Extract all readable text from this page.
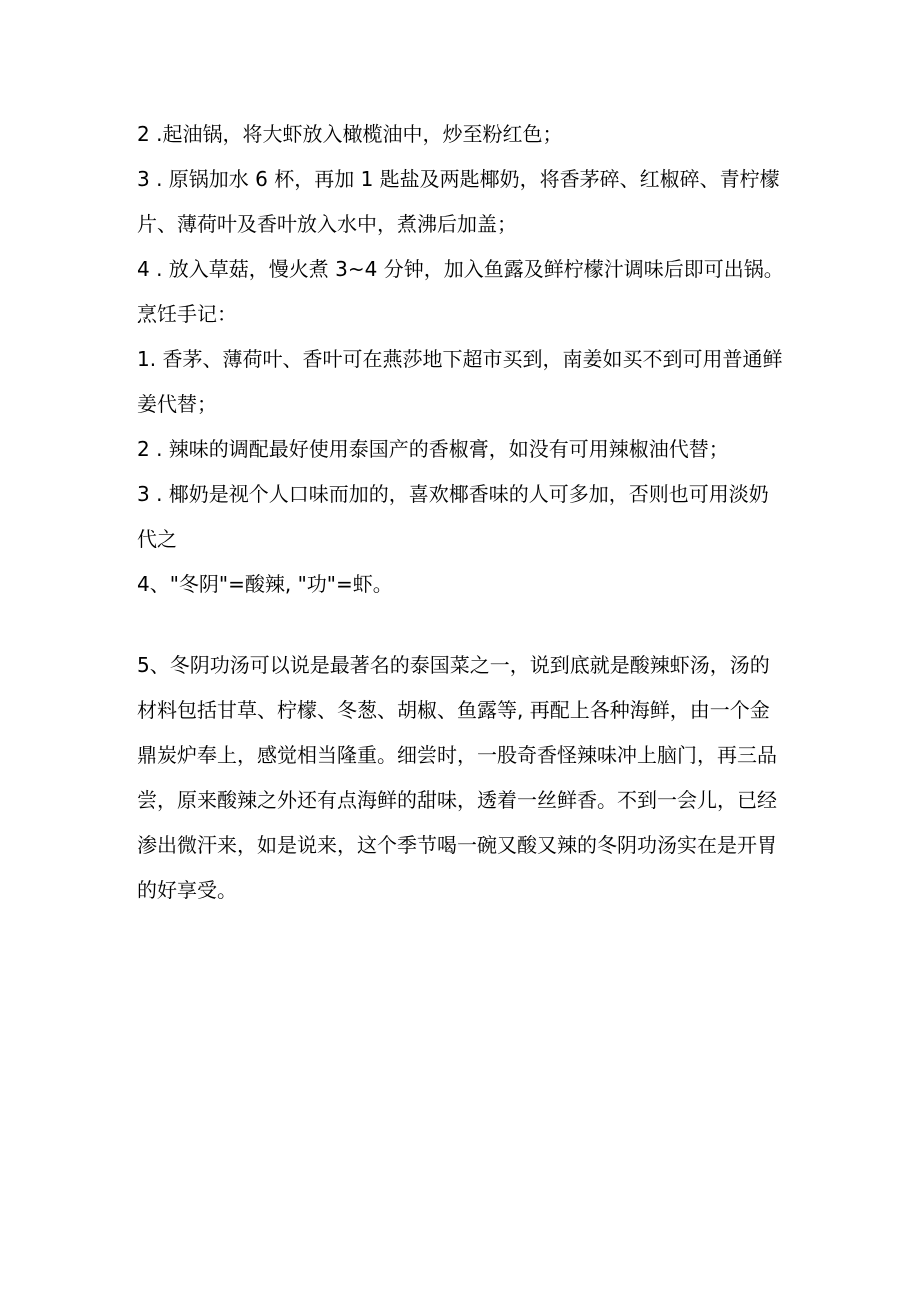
2 .起油锅，将大虾放入橄榄油中，炒至粉红色；

3 . 原锅加水 6 杯，再加 1 匙盐及两匙椰奶，将香茅碎、红椒碎、青柠檬片、薄荷叶及香叶放入水中，煮沸后加盖；

4 . 放入草菇，慢火煮 3~4 分钟，加入鱼露及鲜柠檬汁调味后即可出锅。

烹饪手记：

1. 香茅、薄荷叶、香叶可在燕莎地下超市买到，南姜如买不到可用普通鲜姜代替；

2 . 辣味的调配最好使用泰国产的香椒膏，如没有可用辣椒油代替；

3 . 椰奶是视个人口味而加的，喜欢椰香味的人可多加，否则也可用淡奶代之

4、"冬阴"=酸辣, "功"=虾。

5、冬阴功汤可以说是最著名的泰国菜之一，说到底就是酸辣虾汤，汤的材料包括甘草、柠檬、冬葱、胡椒、鱼露等, 再配上各种海鲜，由一个金鼎炭炉奉上，感觉相当隆重。细尝时，一股奇香怪辣味冲上脑门，再三品尝，原来酸辣之外还有点海鲜的甜味，透着一丝鲜香。不到一会儿，已经渗出微汗来，如是说来，这个季节喝一碗又酸又辣的冬阴功汤实在是开胃的好享受。
